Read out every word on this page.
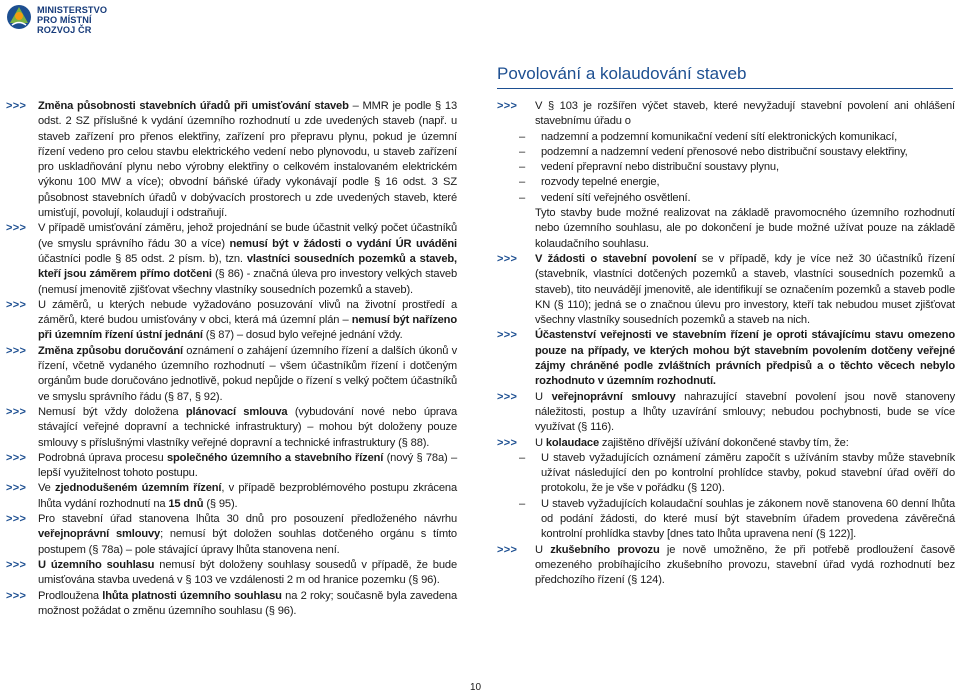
MINISTERSTVO
PRO MÍSTNÍ
ROZVOJ ČR
Povolování a kolaudování staveb

>>> Změna působnosti stavebních úřadů při umisťování staveb – MMR je podle § 13 odst. 2 SZ příslušné k vydání územního rozhodnutí u zde uvedených staveb (např. u staveb zařízení pro přenos elektřiny, zařízení pro přepravu plynu, pokud je územní řízení vedeno pro celou stavbu elektrického vedení nebo plynovodu, u staveb zařízení pro uskladňování plynu nebo výrobny elektřiny o celkovém instalovaném elektrickém výkonu 100 MW a více); obvodní báňské úřady vykonávají podle § 16 odst. 3 SZ působnost stavebních úřadů v dobývacích prostorech u zde uvedených staveb, které umisťují, povolují, kolaudují i odstraňují.

>>> V případě umisťování záměru, jehož projednání se bude účastnit velký počet účastníků (ve smyslu správního řádu 30 a více) nemusí být v žádosti o vydání ÚR uváděni účastníci podle § 85 odst. 2 písm. b), tzn. vlastníci sousedních pozemků a staveb, kteří jsou záměrem přímo dotčeni (§ 86) - značná úleva pro investory velkých staveb (nemusí jmenovitě zjišťovat všechny vlastníky sousedních pozemků a staveb).

>>> U záměrů, u kterých nebude vyžadováno posuzování vlivů na životní prostředí a záměrů, které budou umisťovány v obci, která má územní plán – nemusí být nařízeno při územním řízení ústní jednání (§ 87) – dosud bylo veřejné jednání vždy.

>>> Změna způsobu doručování oznámení o zahájení územního řízení a dalších úkonů v řízení, včetně vydaného územního rozhodnutí – všem účastníkům řízení i dotčeným orgánům bude doručováno jednotlivě, pokud nepůjde o řízení s velký počtem účastníků ve smyslu správního řádu (§ 87, § 92).

>>> Nemusí být vždy doloženа plánovací smlouva (vybudování nové nebo úprava stávající veřejné dopravní a technické infrastruktury) – mohou být doloženy pouze smlouvy s příslušnými vlastníky veřejné dopravní a technické infrastruktury (§ 88).

>>> Podrobná úprava procesu společného územního a stavebního řízení (nový § 78a) – lepší využitelnost tohoto postupu.

>>> Ve zjednodušeném územním řízení, v případě bezproblémového postupu zkrácena lhůta vydání rozhodnutí na 15 dnů (§ 95).

>>> Pro stavební úřad stanovena lhůta 30 dnů pro posouzení předloženého návrhu veřejnoprávní smlouvy; nemusí být doložen souhlas dotčeného orgánu s tímto postupem (§ 78a) – pole stávající úpravy lhůta stanovena není.

>>> U územního souhlasu nemusí být doloženy souhlasy sousedů v případě, že bude umisťována stavba uvedená v § 103 ve vzdálenosti 2 m od hranice pozemku (§ 96).

>>> Prodloužena lhůta platnosti územního souhlasu na 2 roky; současně byla zavedena možnost požádat o změnu územního souhlasu (§ 96).

>>> V § 103 je rozšířen výčet staveb, které nevyžadují stavební povolení ani ohlášení stavebnímu úřadu o

– nadzemní a podzemní komunikační vedení sítí elektronických komunikací,
– podzemní a nadzemní vedení přenosové nebo distribuční soustavy elektřiny,
– vedení přepravní nebo distribuční soustavy plynu,
– rozvody tepelné energie,
– vedení sítí veřejného osvětlení.

Tyto stavby bude možné realizovat na základě pravomocného územního rozhodnutí nebo územního souhlasu, ale po dokončení je bude možné užívat pouze na základě kolaudačního souhlasu.

>>> V žádosti o stavební povolení se v případě, kdy je více než 30 účastníků řízení (stavebník, vlastníci dotčených pozemků a staveb, vlastníci sousedních pozemků a staveb), tito neuvádějí jmenovitě, ale identifikují se označením pozemků a staveb podle KN (§ 110); jedná se o značnou úlevu pro investory, kteří tak nebudou muset zjišťovat všechny vlastníky sousedních pozemků a staveb na nich.

>>> Účastenství veřejnosti ve stavebním řízení je oproti stávajícímu stavu omezeno pouze na případy, ve kterých mohou být stavebním povolením dotčeny veřejné zájmy chráněné podle zvláštních právních předpisů a o těchto věcech nebylo rozhodnuto v územním rozhodnutí.

>>> U veřejnoprávní smlouvy nahrazující stavební povolení jsou nově stanoveny náležitosti, postup a lhůty uzavírání smlouvy; nebudou pochybnosti, bude se více využívat (§ 116).

>>> U kolaudace zajištěno dřívější užívání dokončené stavby tím, že:

– U staveb vyžadujících oznámení záměru započít s užíváním stavby může stavebník užívat následující den po kontrolní prohlídce stavby, pokud stavební úřad ověří do protokolu, že je vše v pořádku (§ 120).
– U staveb vyžadujících kolaudační souhlas je zákonem nově stanovena 60 denní lhůta od podání žádosti, do které musí být stavebním úřadem provedena závěrečná kontrolní prohlídka stavby [dnes tato lhůta upravena není (§ 122)].

>>> U zkušebního provozu je nově umožněno, že při potřebě prodloužení časově omezeného probíhajícího zkušebního provozu, stavební úřad vydá rozhodnutí bez předchozího řízení (§ 124).

10
